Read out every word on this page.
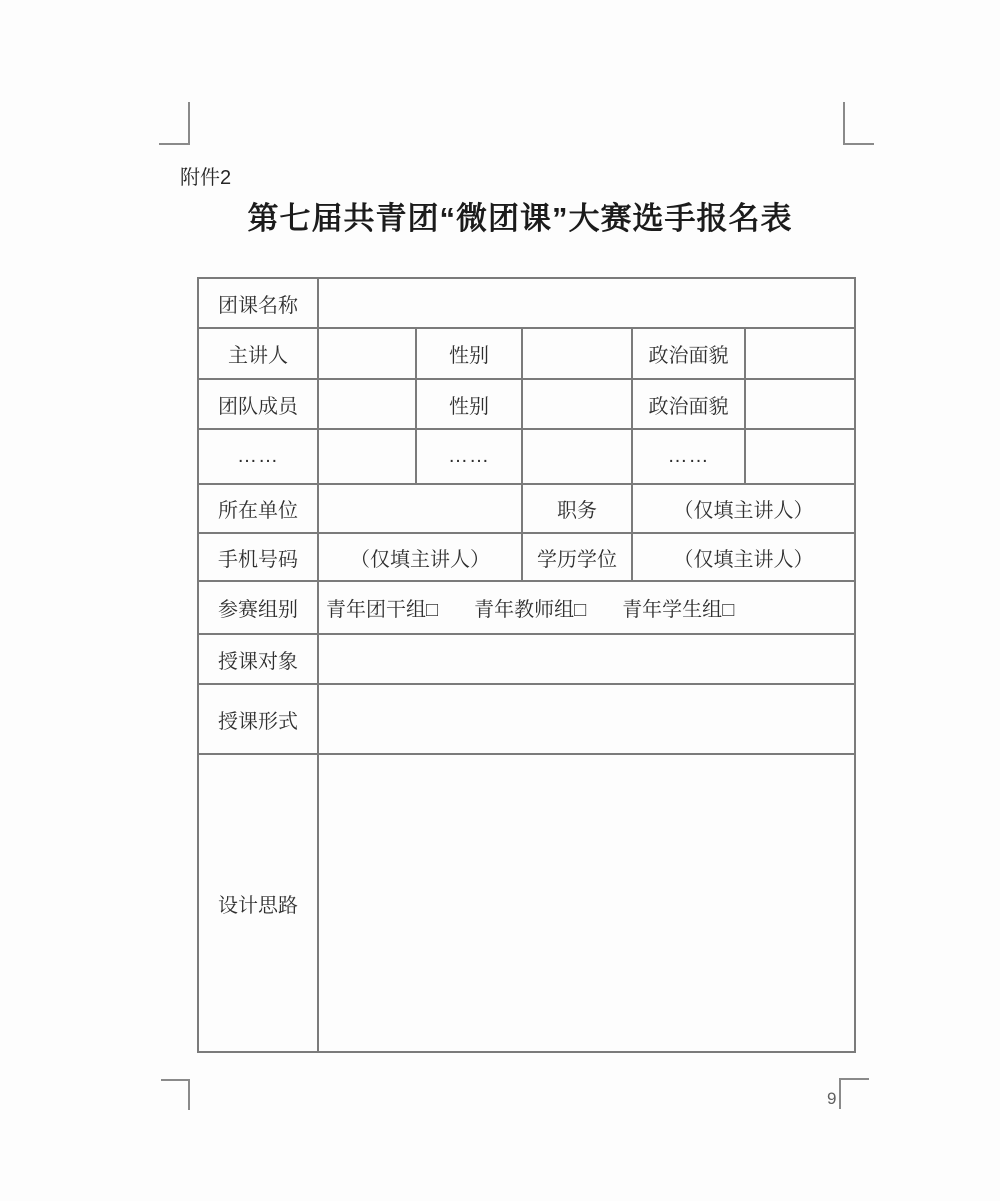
附件2
第七届共青团“微团课”大赛选手报名表
团课名称					
主讲人		性别		政治面貌	
团队成员		性别		政治面貌	
……		……		……	
所在单位			职务	（仅填主讲人）	
手机号码	（仅填主讲人）		学历学位	（仅填主讲人）	
参赛组别	青年团干组□ 青年教师组□ 青年学生组□				

授课对象					
授课形式					
设计思路					
9
